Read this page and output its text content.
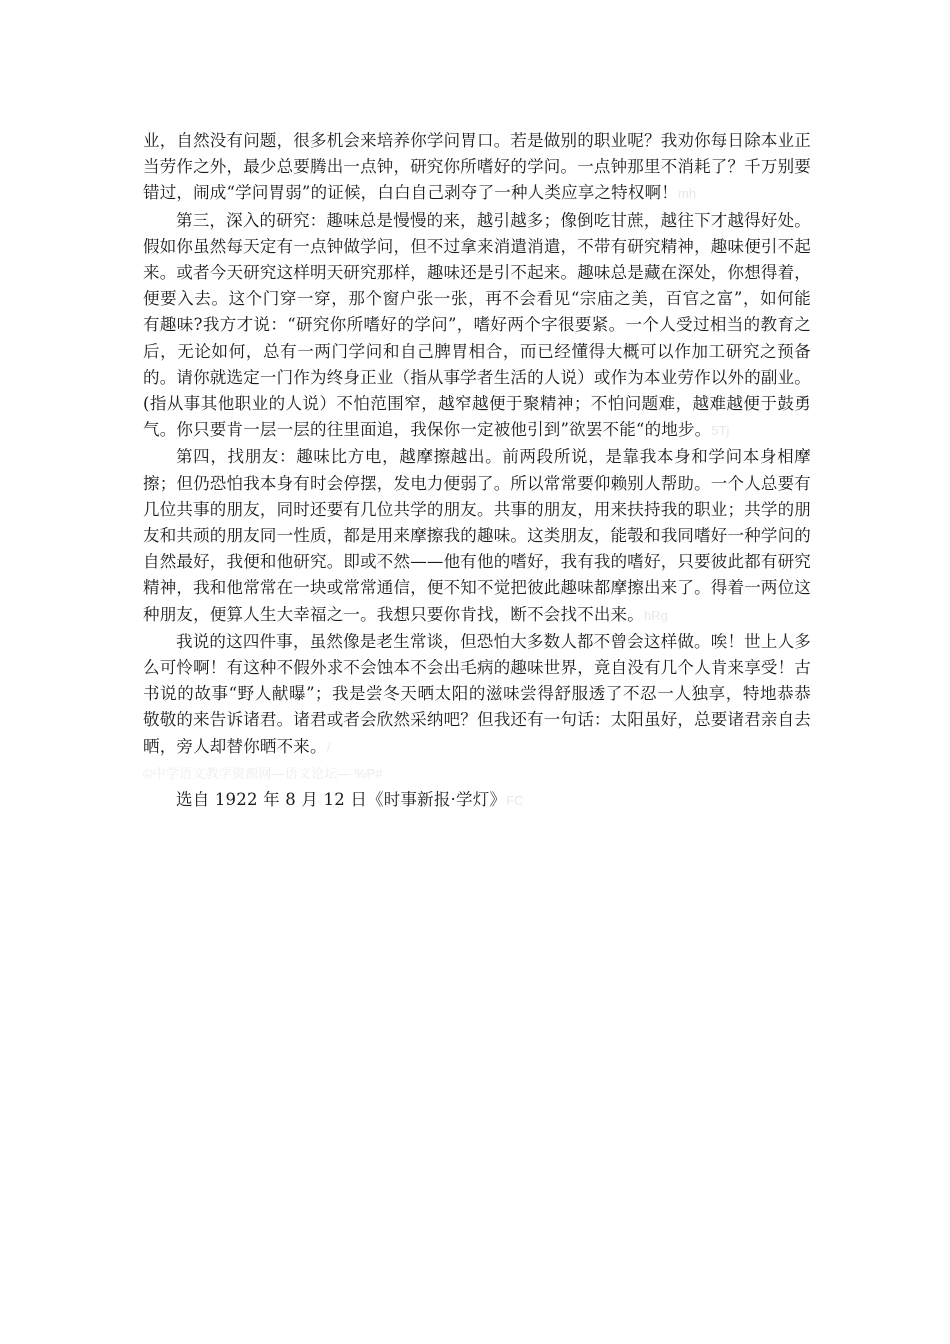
业，自然没有问题，很多机会来培养你学问胃口。若是做别的职业呢？我劝你每日除本业正当劳作之外，最少总要腾出一点钟，研究你所嗜好的学问。一点钟那里不消耗了？千万别要错过，闹成“学问胃弱”的证候，白白自己剥夺了一种人类应享之特权啊！mh

第三，深入的研究：趣味总是慢慢的来，越引越多；像倒吃甘蔗，越往下才越得好处。假如你虽然每天定有一点钟做学问，但不过拿来消遣消遣，不带有研究精神，趣味便引不起来。或者今天研究这样明天研究那样，趣味还是引不起来。趣味总是藏在深处，你想得着，便要入去。这个门穿一穿，那个窗户张一张，再不会看见“宗庙之美，百官之富”，如何能有趣味?我方才说：“研究你所嗜好的学问”，嗜好两个字很要紧。一个人受过相当的教育之后，无论如何，总有一两门学问和自己脾胃相合，而已经懂得大概可以作加工研究之预备的。请你就选定一门作为终身正业（指从事学者生活的人说）或作为本业劳作以外的副业。(指从事其他职业的人说）不怕范围窄，越窄越便于聚精神；不怕问题难，越难越便于鼓勇气。你只要肯一层一层的往里面追，我保你一定被他引到”欲罢不能“的地步。5Tj

第四，找朋友：趣味比方电，越摩擦越出。前两段所说，是靠我本身和学问本身相摩擦；但仍恐怕我本身有时会停摆，发电力便弱了。所以常常要仰赖别人帮助。一个人总要有几位共事的朋友，同时还要有几位共学的朋友。共事的朋友，用来扶持我的职业；共学的朋友和共顽的朋友同一性质，都是用来摩擦我的趣味。这类朋友，能彀和我同嗜好一种学问的自然最好，我便和他研究。即或不然——他有他的嗜好，我有我的嗜好，只要彼此都有研究精神，我和他常常在一块或常常通信，便不知不觉把彼此趣味都摩擦出来了。得着一两位这种朋友，便算人生大幸福之一。我想只要你肯找，断不会找不出来。hRg

我说的这四件事，虽然像是老生常谈，但恐怕大多数人都不曾会这样做。唉！世上人多么可怜啊！有这种不假外求不会蚀本不会出毛病的趣味世界，竟自没有几个人肯来享受！古书说的故事“野人献曝”；我是尝冬天晒太阳的滋味尝得舒服透了不忍一人独享，特地恭恭敬敬的来告诉诸君。诸君或者会欣然采纳吧？但我还有一句话：太阳虽好，总要诸君亲自去晒，旁人却替你晒不来。/

©中学语文教学资源网—语文论坛— %P#

选自 1922 年 8 月 12 日《时事新报·学灯》FC
